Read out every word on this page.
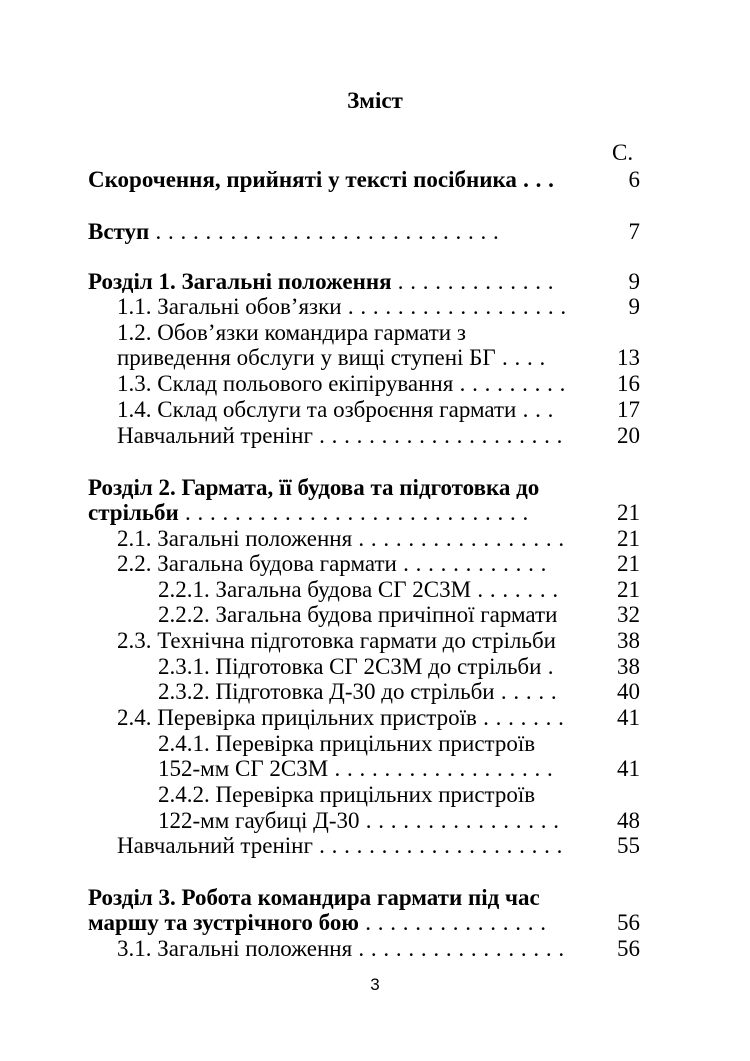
Зміст
С.
Скорочення, прийняті у тексті посібника . . .	6
Вступ . . . . . . . . . . . . . . . . . . . . . . . . . . . .	7
Розділ 1. Загальні положення . . . . . . . . . . . . .	9
1.1. Загальні обов’язки . . . . . . . . . . . . . . . . . .	9
1.2. Обов’язки командира гармати з
приведення обслуги у вищі ступені БГ . . . .	13
1.3. Склад польового екіпірування . . . . . . . . .	16
1.4. Склад обслуги та озброєння гармати . . .	17
Навчальний тренінг . . . . . . . . . . . . . . . . . . . .	20
Розділ 2. Гармата, її будова та підготовка до
стрільби . . . . . . . . . . . . . . . . . . . . . . . . . . . .	21
2.1. Загальні положення . . . . . . . . . . . . . . . . .	21
2.2. Загальна будова гармати . . . . . . . . . . . .	21
2.2.1. Загальна будова СГ 2С3М . . . . . . .	21
2.2.2. Загальна будова причіпної гармати	32
2.3. Технічна підготовка гармати до стрільби	38
2.3.1. Підготовка СГ 2С3М до стрільби .	38
2.3.2. Підготовка Д-30 до стрільби . . . . .	40
2.4. Перевірка прицільних пристроїв . . . . . . .	41
2.4.1. Перевірка прицільних пристроїв
152-мм СГ 2С3М . . . . . . . . . . . . . . . . . .	41
2.4.2. Перевірка прицільних пристроїв
122-мм гаубиці Д-30 . . . . . . . . . . . . . . . .	48
Навчальний тренінг . . . . . . . . . . . . . . . . . . . .	55
Розділ 3. Робота командира гармати під час
маршу та зустрічного бою . . . . . . . . . . . . . . .	56
3.1. Загальні положення . . . . . . . . . . . . . . . . .	56
3
